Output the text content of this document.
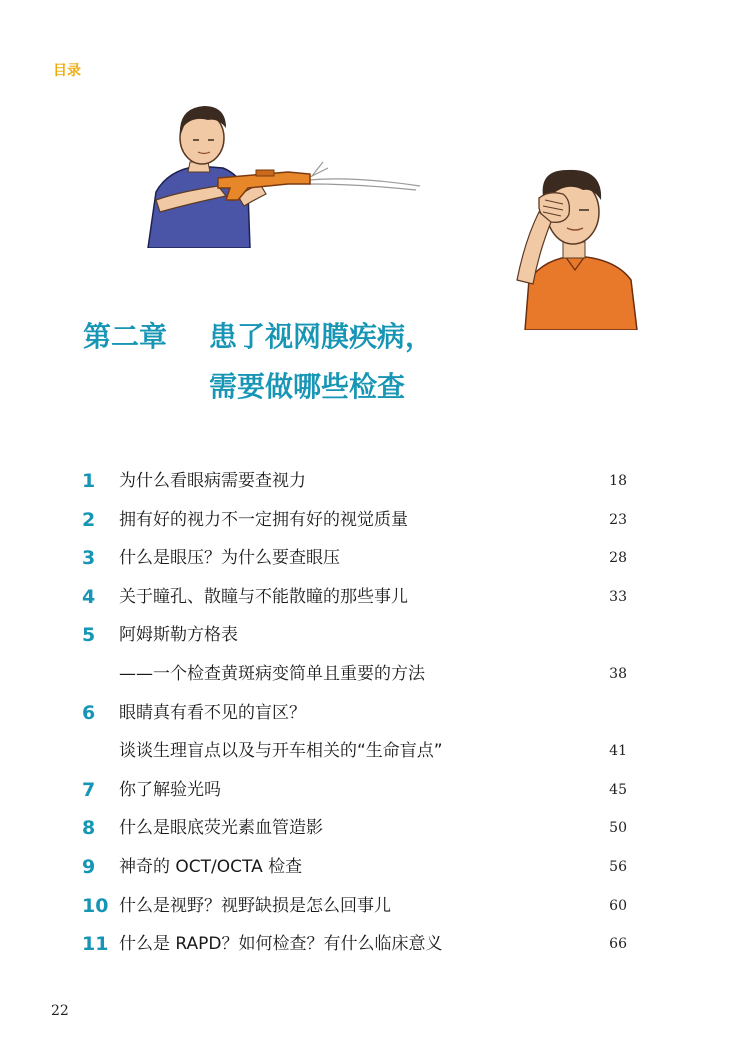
目录
第二章 患了视网膜疾病，
需要做哪些检查
1	为什么看眼病需要查视力	18
2	拥有好的视力不一定拥有好的视觉质量	23
3	什么是眼压？为什么要查眼压	28
4	关于瞳孔、散瞳与不能散瞳的那些事儿	33
5	阿姆斯勒方格表
——一个检查黄斑病变简单且重要的方法	38
6	眼睛真有看不见的盲区？
谈谈生理盲点以及与开车相关的“生命盲点”	41
7	你了解验光吗	45
8	什么是眼底荧光素血管造影	50
9	神奇的 OCT/OCTA 检查	56
10 什么是视野？视野缺损是怎么回事儿	60
11 什么是 RAPD？如何检查？有什么临床意义	66
22
